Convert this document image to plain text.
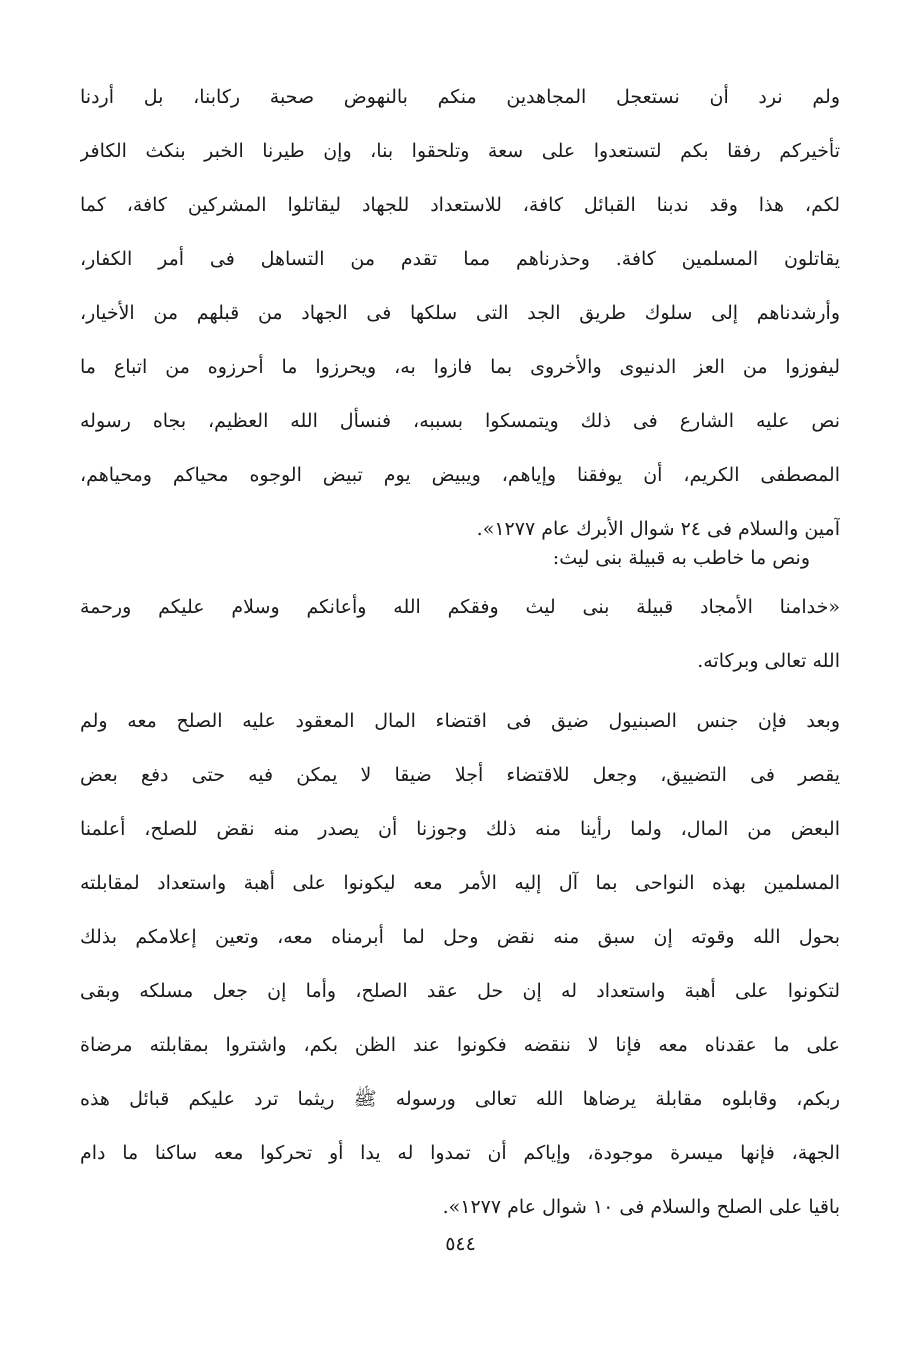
ولم نرد أن نستعجل المجاهدين منكم بالنهوض صحبة ركابنا، بل أردنا
تأخيركم رفقا بكم لتستعدوا على سعة وتلحقوا بنا، وإن طيرنا الخبر بنكث الكافر
لكم، هذا وقد ندبنا القبائل كافة، للاستعداد للجهاد ليقاتلوا المشركين كافة، كما
يقاتلون المسلمين كافة. وحذرناهم مما تقدم من التساهل فى أمر الكفار،
وأرشدناهم إلى سلوك طريق الجد التى سلكها فى الجهاد من قبلهم من الأخيار،
ليفوزوا من العز الدنيوى والأخروى بما فازوا به، ويحرزوا ما أحرزوه من اتباع ما
نص عليه الشارع فى ذلك ويتمسكوا بسببه، فنسأل الله العظيم، بجاه رسوله
المصطفى الكريم، أن يوفقنا وإياهم، ويبيض يوم تبيض الوجوه محياكم ومحياهم،
آمين والسلام فى ٢٤ شوال الأبرك عام ١٢٧٧».
ونص ما خاطب به قبيلة بنى ليث:
«خدامنا الأمجاد قبيلة بنى ليث وفقكم الله وأعانكم وسلام عليكم ورحمة
الله تعالى وبركاته.
وبعد فإن جنس الصبنيول ضيق فى اقتضاء المال المعقود عليه الصلح معه ولم
يقصر فى التضييق، وجعل للاقتضاء أجلا ضيقا لا يمكن فيه حتى دفع بعض
البعض من المال، ولما رأينا منه ذلك وجوزنا أن يصدر منه نقض للصلح، أعلمنا
المسلمين بهذه النواحى بما آل إليه الأمر معه ليكونوا على أهبة واستعداد لمقابلته
بحول الله وقوته إن سبق منه نقض وحل لما أبرمناه معه، وتعين إعلامكم بذلك
لتكونوا على أهبة واستعداد له إن حل عقد الصلح، وأما إن جعل مسلكه وبقى
على ما عقدناه معه فإنا لا ننقضه فكونوا عند الظن بكم، واشتروا بمقابلته مرضاة
ربكم، وقابلوه مقابلة يرضاها الله تعالى ورسوله ﷺ ريثما ترد عليكم قبائل هذه
الجهة، فإنها ميسرة موجودة، وإياكم أن تمدوا له يدا أو تحركوا معه ساكنا ما دام
باقيا على الصلح والسلام فى ١٠ شوال عام ١٢٧٧».
٥٤٤
